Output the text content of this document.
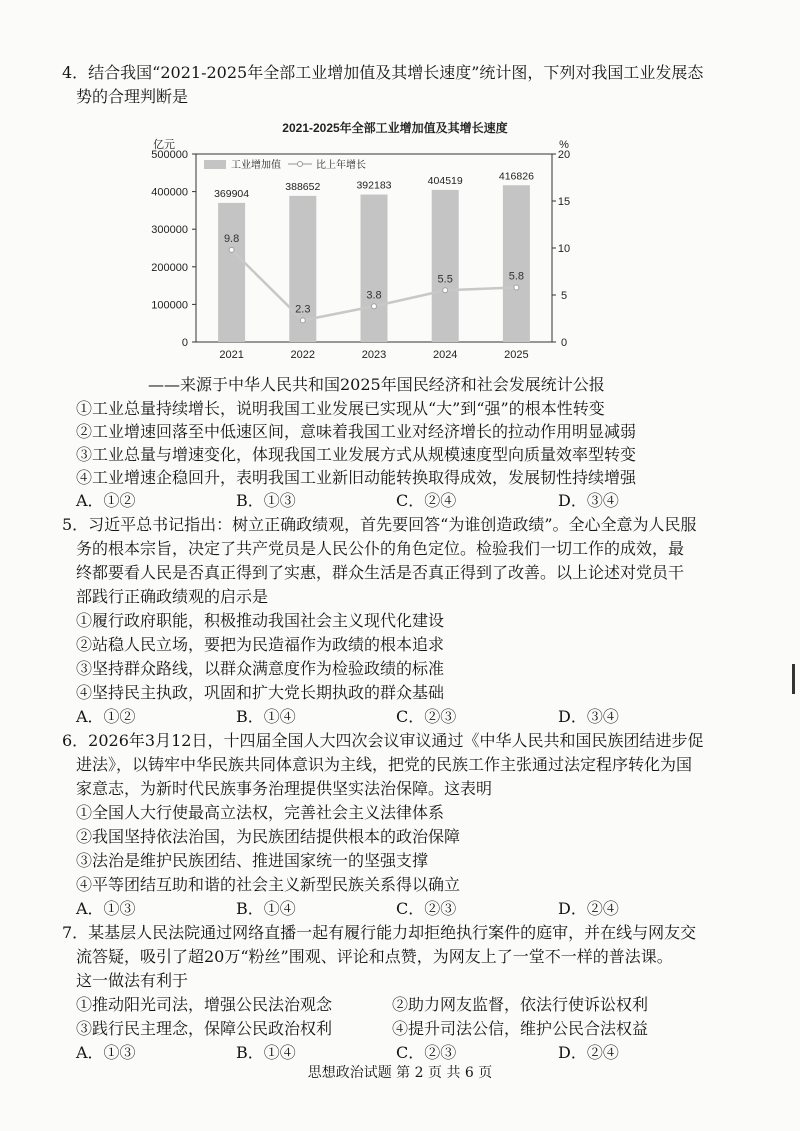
4．结合我国“2021-2025年全部工业增加值及其增长速度”统计图，下列对我国工业发展态
势的合理判断是
2021-2025年全部工业增加值及其增长速度
亿元	%
工业增加值	比上年增长
0
100000
200000
300000
400000
500000
0
5
10
15
20
369904
2021
388652
2022
392183
2023
404519
2024
416826
2025
9.8
2.3
3.8
5.5	5.8
——来源于中华人民共和国2025年国民经济和社会发展统计公报
①工业总量持续增长，说明我国工业发展已实现从“大”到“强”的根本性转变
②工业增速回落至中低速区间，意味着我国工业对经济增长的拉动作用明显减弱
③工业总量与增速变化，体现我国工业发展方式从规模速度型向质量效率型转变
④工业增速企稳回升，表明我国工业新旧动能转换取得成效，发展韧性持续增强
A．①②	B．①③	C．②④	D．③④
5．习近平总书记指出：树立正确政绩观，首先要回答“为谁创造政绩”。全心全意为人民服
务的根本宗旨，决定了共产党员是人民公仆的角色定位。检验我们一切工作的成效，最
终都要看人民是否真正得到了实惠，群众生活是否真正得到了改善。以上论述对党员干
部践行正确政绩观的启示是
①履行政府职能，积极推动我国社会主义现代化建设
②站稳人民立场，要把为民造福作为政绩的根本追求
③坚持群众路线，以群众满意度作为检验政绩的标准
④坚持民主执政，巩固和扩大党长期执政的群众基础
A．①②	B．①④	C．②③	D．③④
6．2026年3月12日，十四届全国人大四次会议审议通过《中华人民共和国民族团结进步促
进法》，以铸牢中华民族共同体意识为主线，把党的民族工作主张通过法定程序转化为国
家意志，为新时代民族事务治理提供坚实法治保障。这表明
①全国人大行使最高立法权，完善社会主义法律体系
②我国坚持依法治国，为民族团结提供根本的政治保障
③法治是维护民族团结、推进国家统一的坚强支撑
④平等团结互助和谐的社会主义新型民族关系得以确立
A．①③	B．①④	C．②③	D．②④
7．某基层人民法院通过网络直播一起有履行能力却拒绝执行案件的庭审，并在线与网友交
流答疑，吸引了超20万“粉丝”围观、评论和点赞，为网友上了一堂不一样的普法课。
这一做法有利于
①推动阳光司法，增强公民法治观念	②助力网友监督，依法行使诉讼权利
③践行民主理念，保障公民政治权利	④提升司法公信，维护公民合法权益
A．①③	B．①④	C．②③	D．②④
思想政治试题 第 2 页 共 6 页
